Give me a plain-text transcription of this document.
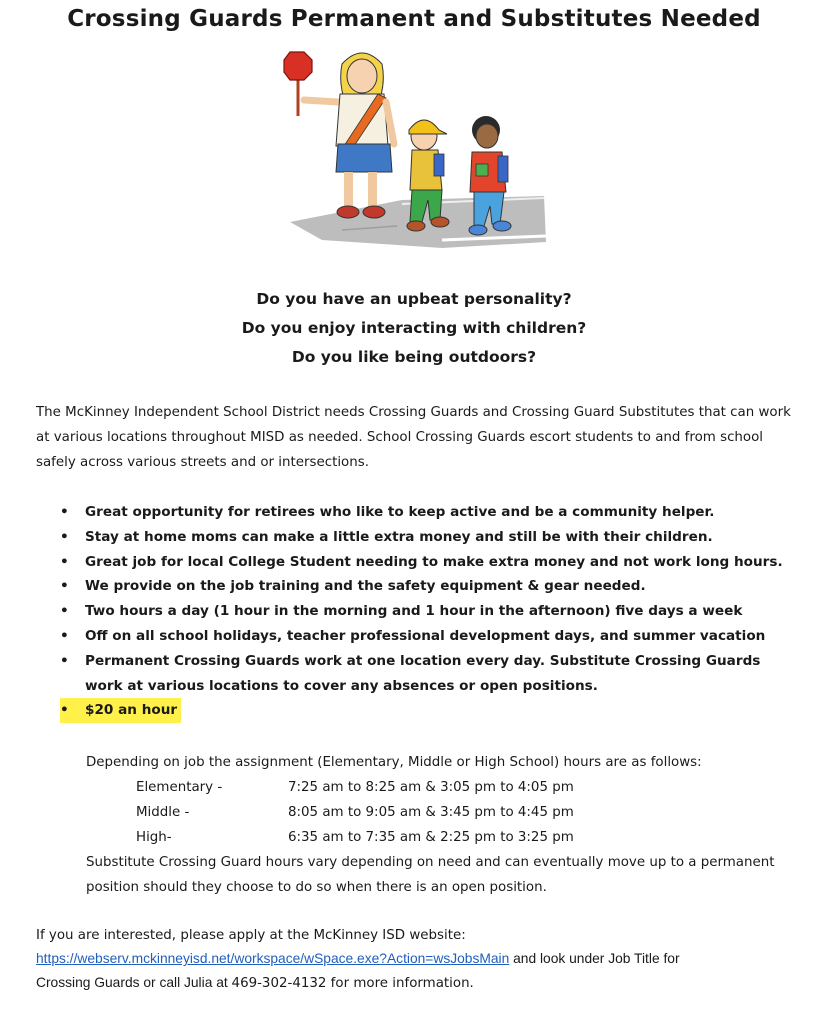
Crossing Guards Permanent and Substitutes Needed
Do you have an upbeat personality?
Do you enjoy interacting with children?
Do you like being outdoors?
The McKinney Independent School District needs Crossing Guards and Crossing Guard Substitutes that can work at various locations throughout MISD as needed. School Crossing Guards escort students to and from school safely across various streets and or intersections.
• Great opportunity for retirees who like to keep active and be a community helper.
• Stay at home moms can make a little extra money and still be with their children.
• Great job for local College Student needing to make extra money and not work long hours.
• We provide on the job training and the safety equipment & gear needed.
• Two hours a day (1 hour in the morning and 1 hour in the afternoon) five days a week
• Off on all school holidays, teacher professional development days, and summer vacation
• Permanent Crossing Guards work at one location every day. Substitute Crossing Guards work at various locations to cover any absences or open positions.
• $20 an hour
Depending on job the assignment (Elementary, Middle or High School) hours are as follows:
Elementary -	7:25 am to 8:25 am & 3:05 pm to 4:05 pm
Middle -	8:05 am to 9:05 am & 3:45 pm to 4:45 pm
High-	6:35 am to 7:35 am & 2:25 pm to 3:25 pm
Substitute Crossing Guard hours vary depending on need and can eventually move up to a permanent position should they choose to do so when there is an open position.
If you are interested, please apply at the McKinney ISD website:
https://webserv.mckinneyisd.net/workspace/wSpace.exe?Action=wsJobsMain and look under Job Title for
Crossing Guards or call Julia at 469-302-4132 for more information.
